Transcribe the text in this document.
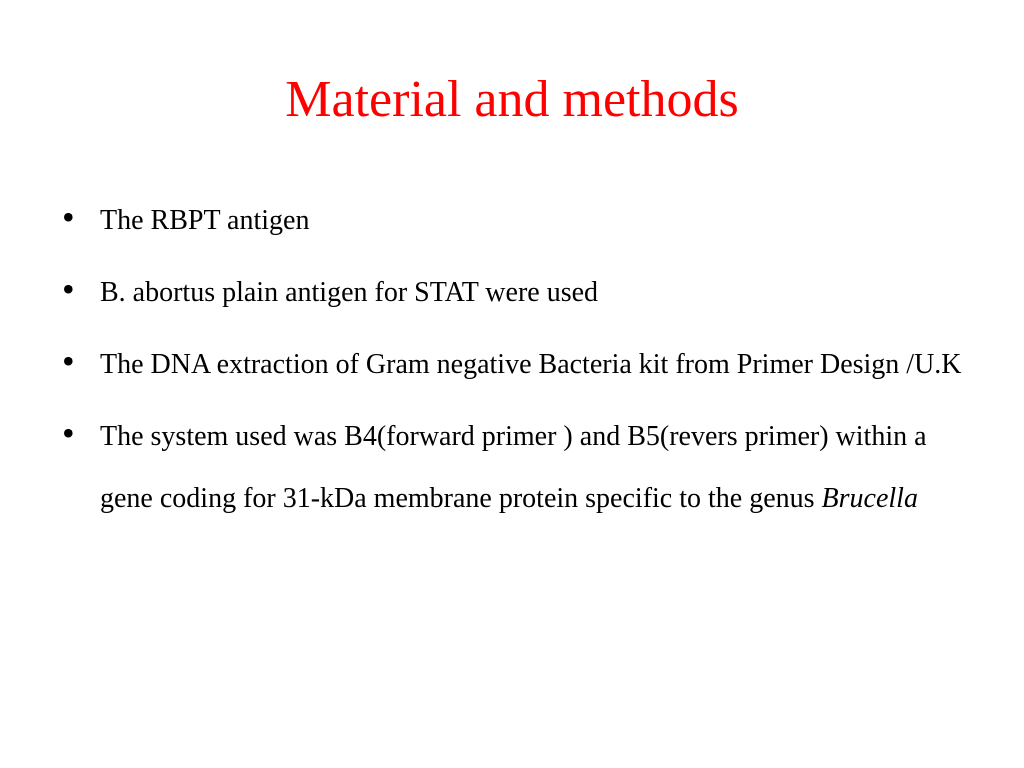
Material and methods
• The RBPT antigen
• B. abortus plain antigen for STAT were used
• The DNA extraction of Gram negative Bacteria kit from Primer Design /U.K
• The system used was B4(forward primer ) and B5(revers primer) within a gene coding for 31-kDa membrane protein specific to the genus Brucella
